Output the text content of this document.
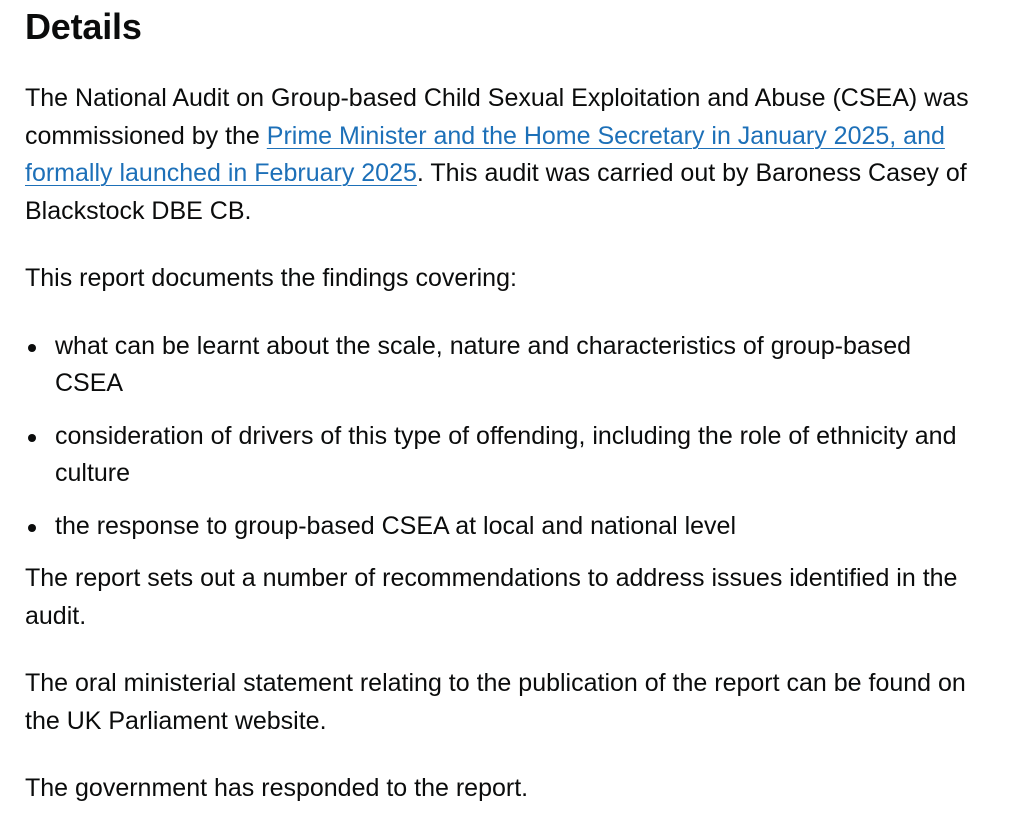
Details

The National Audit on Group-based Child Sexual Exploitation and Abuse (CSEA) was commissioned by the Prime Minister and the Home Secretary in January 2025, and formally launched in February 2025. This audit was carried out by Baroness Casey of Blackstock DBE CB.

This report documents the findings covering:

what can be learnt about the scale, nature and characteristics of group-based CSEA
consideration of drivers of this type of offending, including the role of ethnicity and culture
the response to group-based CSEA at local and national level

The report sets out a number of recommendations to address issues identified in the audit.

The oral ministerial statement relating to the publication of the report can be found on the UK Parliament website.

The government has responded to the report.
